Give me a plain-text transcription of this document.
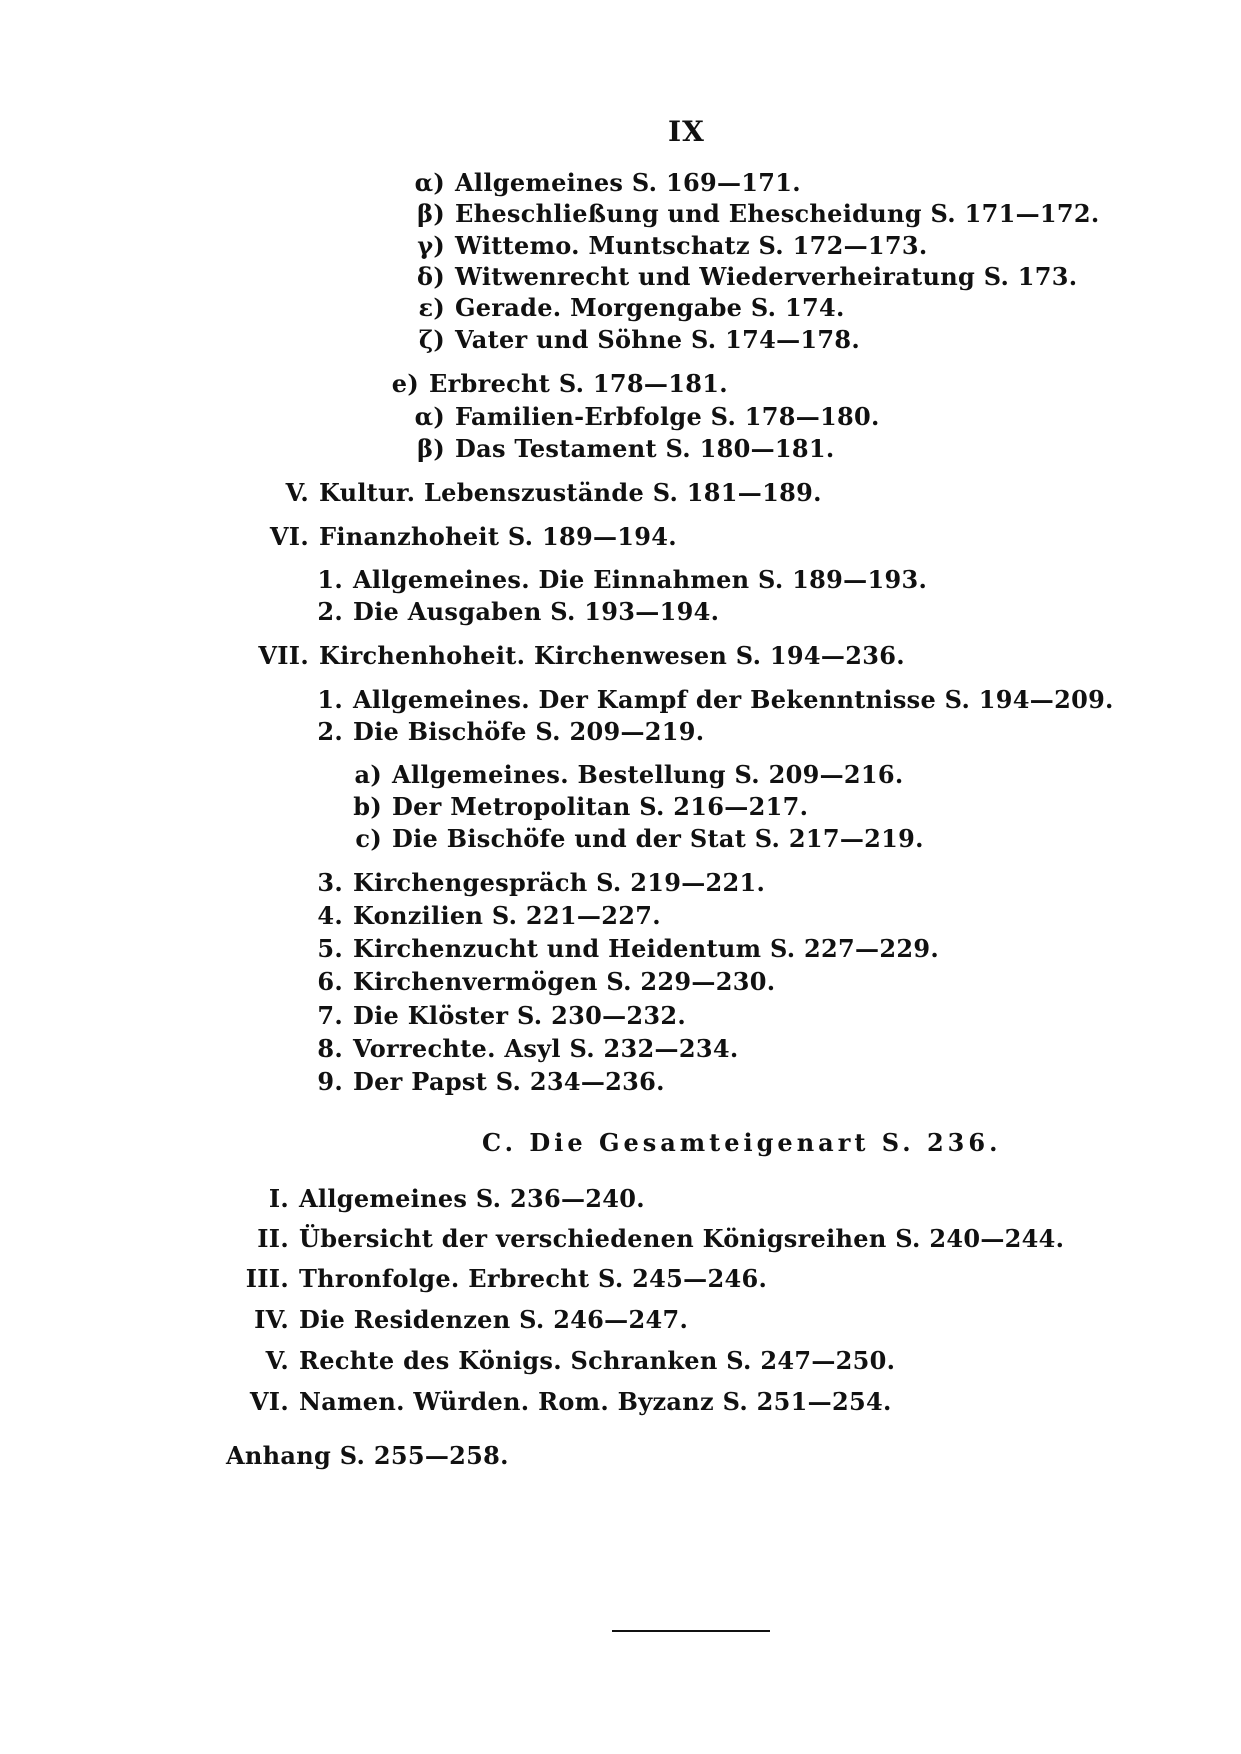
IX
α) Allgemeines S. 169—171.
β) Eheschließung und Ehescheidung S. 171—172.
γ) Wittemo. Muntschatz S. 172—173.
δ) Witwenrecht und Wiederverheiratung S. 173.
ε) Gerade. Morgengabe S. 174.
ζ) Vater und Söhne S. 174—178.
e) Erbrecht S. 178—181.
α) Familien-Erbfolge S. 178—180.
β) Das Testament S. 180—181.
V. Kultur. Lebenszustände S. 181—189.
VI. Finanzhoheit S. 189—194.
1. Allgemeines. Die Einnahmen S. 189—193.
2. Die Ausgaben S. 193—194.
VII. Kirchenhoheit. Kirchenwesen S. 194—236.
1. Allgemeines. Der Kampf der Bekenntnisse S. 194—209.
2. Die Bischöfe S. 209—219.
a) Allgemeines. Bestellung S. 209—216.
b) Der Metropolitan S. 216—217.
c) Die Bischöfe und der Stat S. 217—219.
3. Kirchengespräch S. 219—221.
4. Konzilien S. 221—227.
5. Kirchenzucht und Heidentum S. 227—229.
6. Kirchenvermögen S. 229—230.
7. Die Klöster S. 230—232.
8. Vorrechte. Asyl S. 232—234.
9. Der Papst S. 234—236.
C. Die Gesamteigenart S. 236.
I. Allgemeines S. 236—240.
II. Übersicht der verschiedenen Königsreihen S. 240—244.
III. Thronfolge. Erbrecht S. 245—246.
IV. Die Residenzen S. 246—247.
V. Rechte des Königs. Schranken S. 247—250.
VI. Namen. Würden. Rom. Byzanz S. 251—254.
Anhang S. 255—258.
